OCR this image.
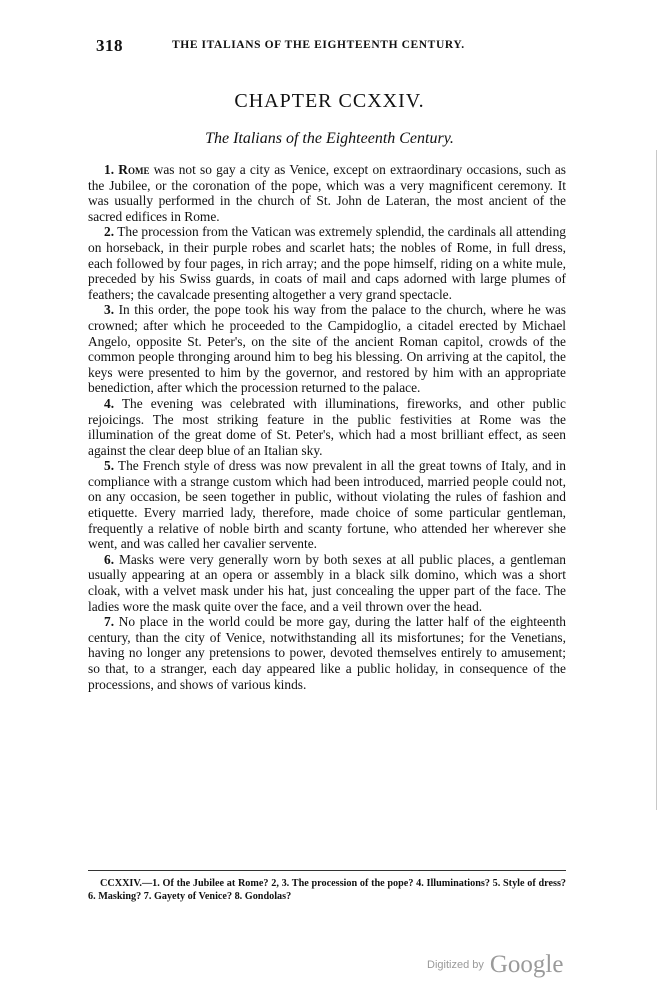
318	THE ITALIANS OF THE EIGHTEENTH CENTURY.
CHAPTER CCXXIV.
The Italians of the Eighteenth Century.

1. Rome was not so gay a city as Venice, except on extraordinary occasions, such as the Jubilee, or the coronation of the pope, which was a very magnificent ceremony. It was usually performed in the church of St. John de Lateran, the most ancient of the sacred edifices in Rome.

2. The procession from the Vatican was extremely splendid, the cardinals all attending on horseback, in their purple robes and scarlet hats; the nobles of Rome, in full dress, each followed by four pages, in rich array; and the pope himself, riding on a white mule, preceded by his Swiss guards, in coats of mail and caps adorned with large plumes of feathers; the cavalcade presenting altogether a very grand spectacle.

3. In this order, the pope took his way from the palace to the church, where he was crowned; after which he proceeded to the Campidoglio, a citadel erected by Michael Angelo, opposite St. Peter's, on the site of the ancient Roman capitol, crowds of the common people thronging around him to beg his blessing. On arriving at the capitol, the keys were presented to him by the governor, and restored by him with an appropriate benediction, after which the procession returned to the palace.

4. The evening was celebrated with illuminations, fireworks, and other public rejoicings. The most striking feature in the public festivities at Rome was the illumination of the great dome of St. Peter's, which had a most brilliant effect, as seen against the clear deep blue of an Italian sky.

5. The French style of dress was now prevalent in all the great towns of Italy, and in compliance with a strange custom which had been introduced, married people could not, on any occasion, be seen together in public, without violating the rules of fashion and etiquette. Every married lady, therefore, made choice of some particular gentleman, frequently a relative of noble birth and scanty fortune, who attended her wherever she went, and was called her cavalier servente.

6. Masks were very generally worn by both sexes at all public places, a gentleman usually appearing at an opera or assembly in a black silk domino, which was a short cloak, with a velvet mask under his hat, just concealing the upper part of the face. The ladies wore the mask quite over the face, and a veil thrown over the head.

7. No place in the world could be more gay, during the latter half of the eighteenth century, than the city of Venice, notwithstanding all its misfortunes; for the Venetians, having no longer any pretensions to power, devoted themselves entirely to amusement; so that, to a stranger, each day appeared like a public holiday, in consequence of the processions, and shows of various kinds.

CCXXIV.—1. Of the Jubilee at Rome? 2, 3. The procession of the pope? 4. Illuminations? 5. Style of dress? 6. Masking? 7. Gayety of Venice? 8. Gondolas?
Digitized by Google
